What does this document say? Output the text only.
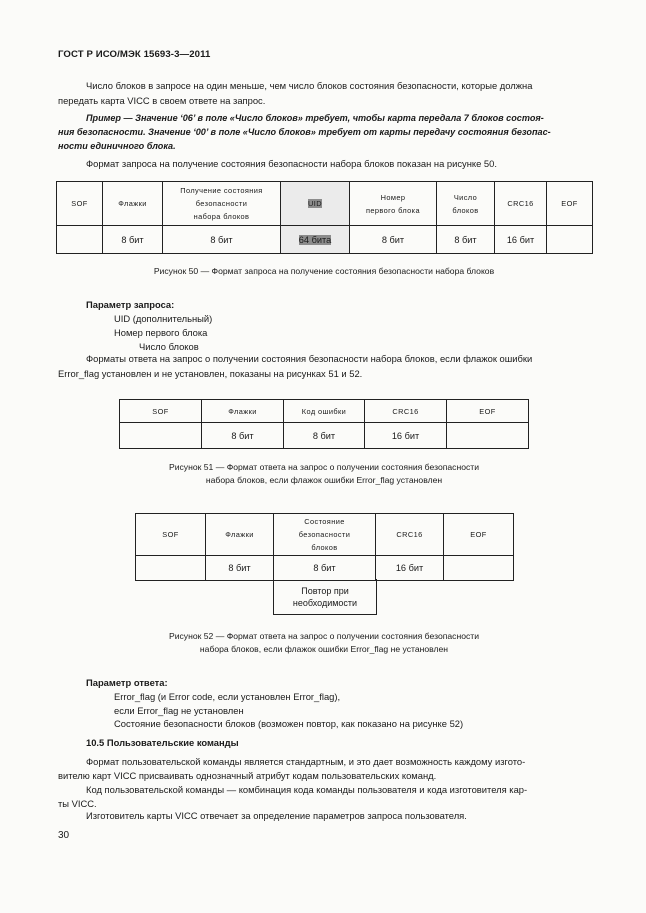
ГОСТ Р ИСО/МЭК 15693-3—2011
Число блоков в запросе на один меньше, чем число блоков состояния безопасности, которые должна
передать карта VICC в своем ответе на запрос.
Пример — Значение ‘06’ в поле «Число блоков» требует, чтобы карта передала 7 блоков состоя-
ния безопасности. Значение ‘00’ в поле «Число блоков» требует от карты передачу состояния безопас-
ности единичного блока.
Формат запроса на получение состояния безопасности набора блоков показан на рисунке 50.
SOF	Флажки	Получение состояния
безопасности
набора блоков	UID	Номер
первого блока	Число
блоков	CRC16	EOF
	8 бит	8 бит	64 бита	8 бит	8 бит	16 бит	
Рисунок 50 — Формат запроса на получение состояния безопасности набора блоков
Параметр запроса:
UID (дополнительный)
Номер первого блока
Число блоков
Форматы ответа на запрос о получении состояния безопасности набора блоков, если флажок ошибки
Error_flag установлен и не установлен, показаны на рисунках 51 и 52.
SOF	Флажки	Код ошибки	CRC16	EOF
	8 бит	8 бит	16 бит	
Рисунок 51 — Формат ответа на запрос о получении состояния безопасности
набора блоков, если флажок ошибки Error_flag установлен
SOF	Флажки	Состояние
безопасности
блоков	CRC16	EOF
	8 бит	8 бит	16 бит	
Повтор при
необходимости
Рисунок 52 — Формат ответа на запрос о получении состояния безопасности
набора блоков, если флажок ошибки Error_flag не установлен
Параметр ответа:
Error_flag (и Error code, если установлен Error_flag),
если Error_flag не установлен
Состояние безопасности блоков (возможен повтор, как показано на рисунке 52)
10.5 Пользовательские команды
Формат пользовательской команды является стандартным, и это дает возможность каждому изгото-
вителю карт VICC присваивать однозначный атрибут кодам пользовательских команд.
Код пользовательской команды — комбинация кода команды пользователя и кода изготовителя кар-
ты VICC.
Изготовитель карты VICC отвечает за определение параметров запроса пользователя.
30
